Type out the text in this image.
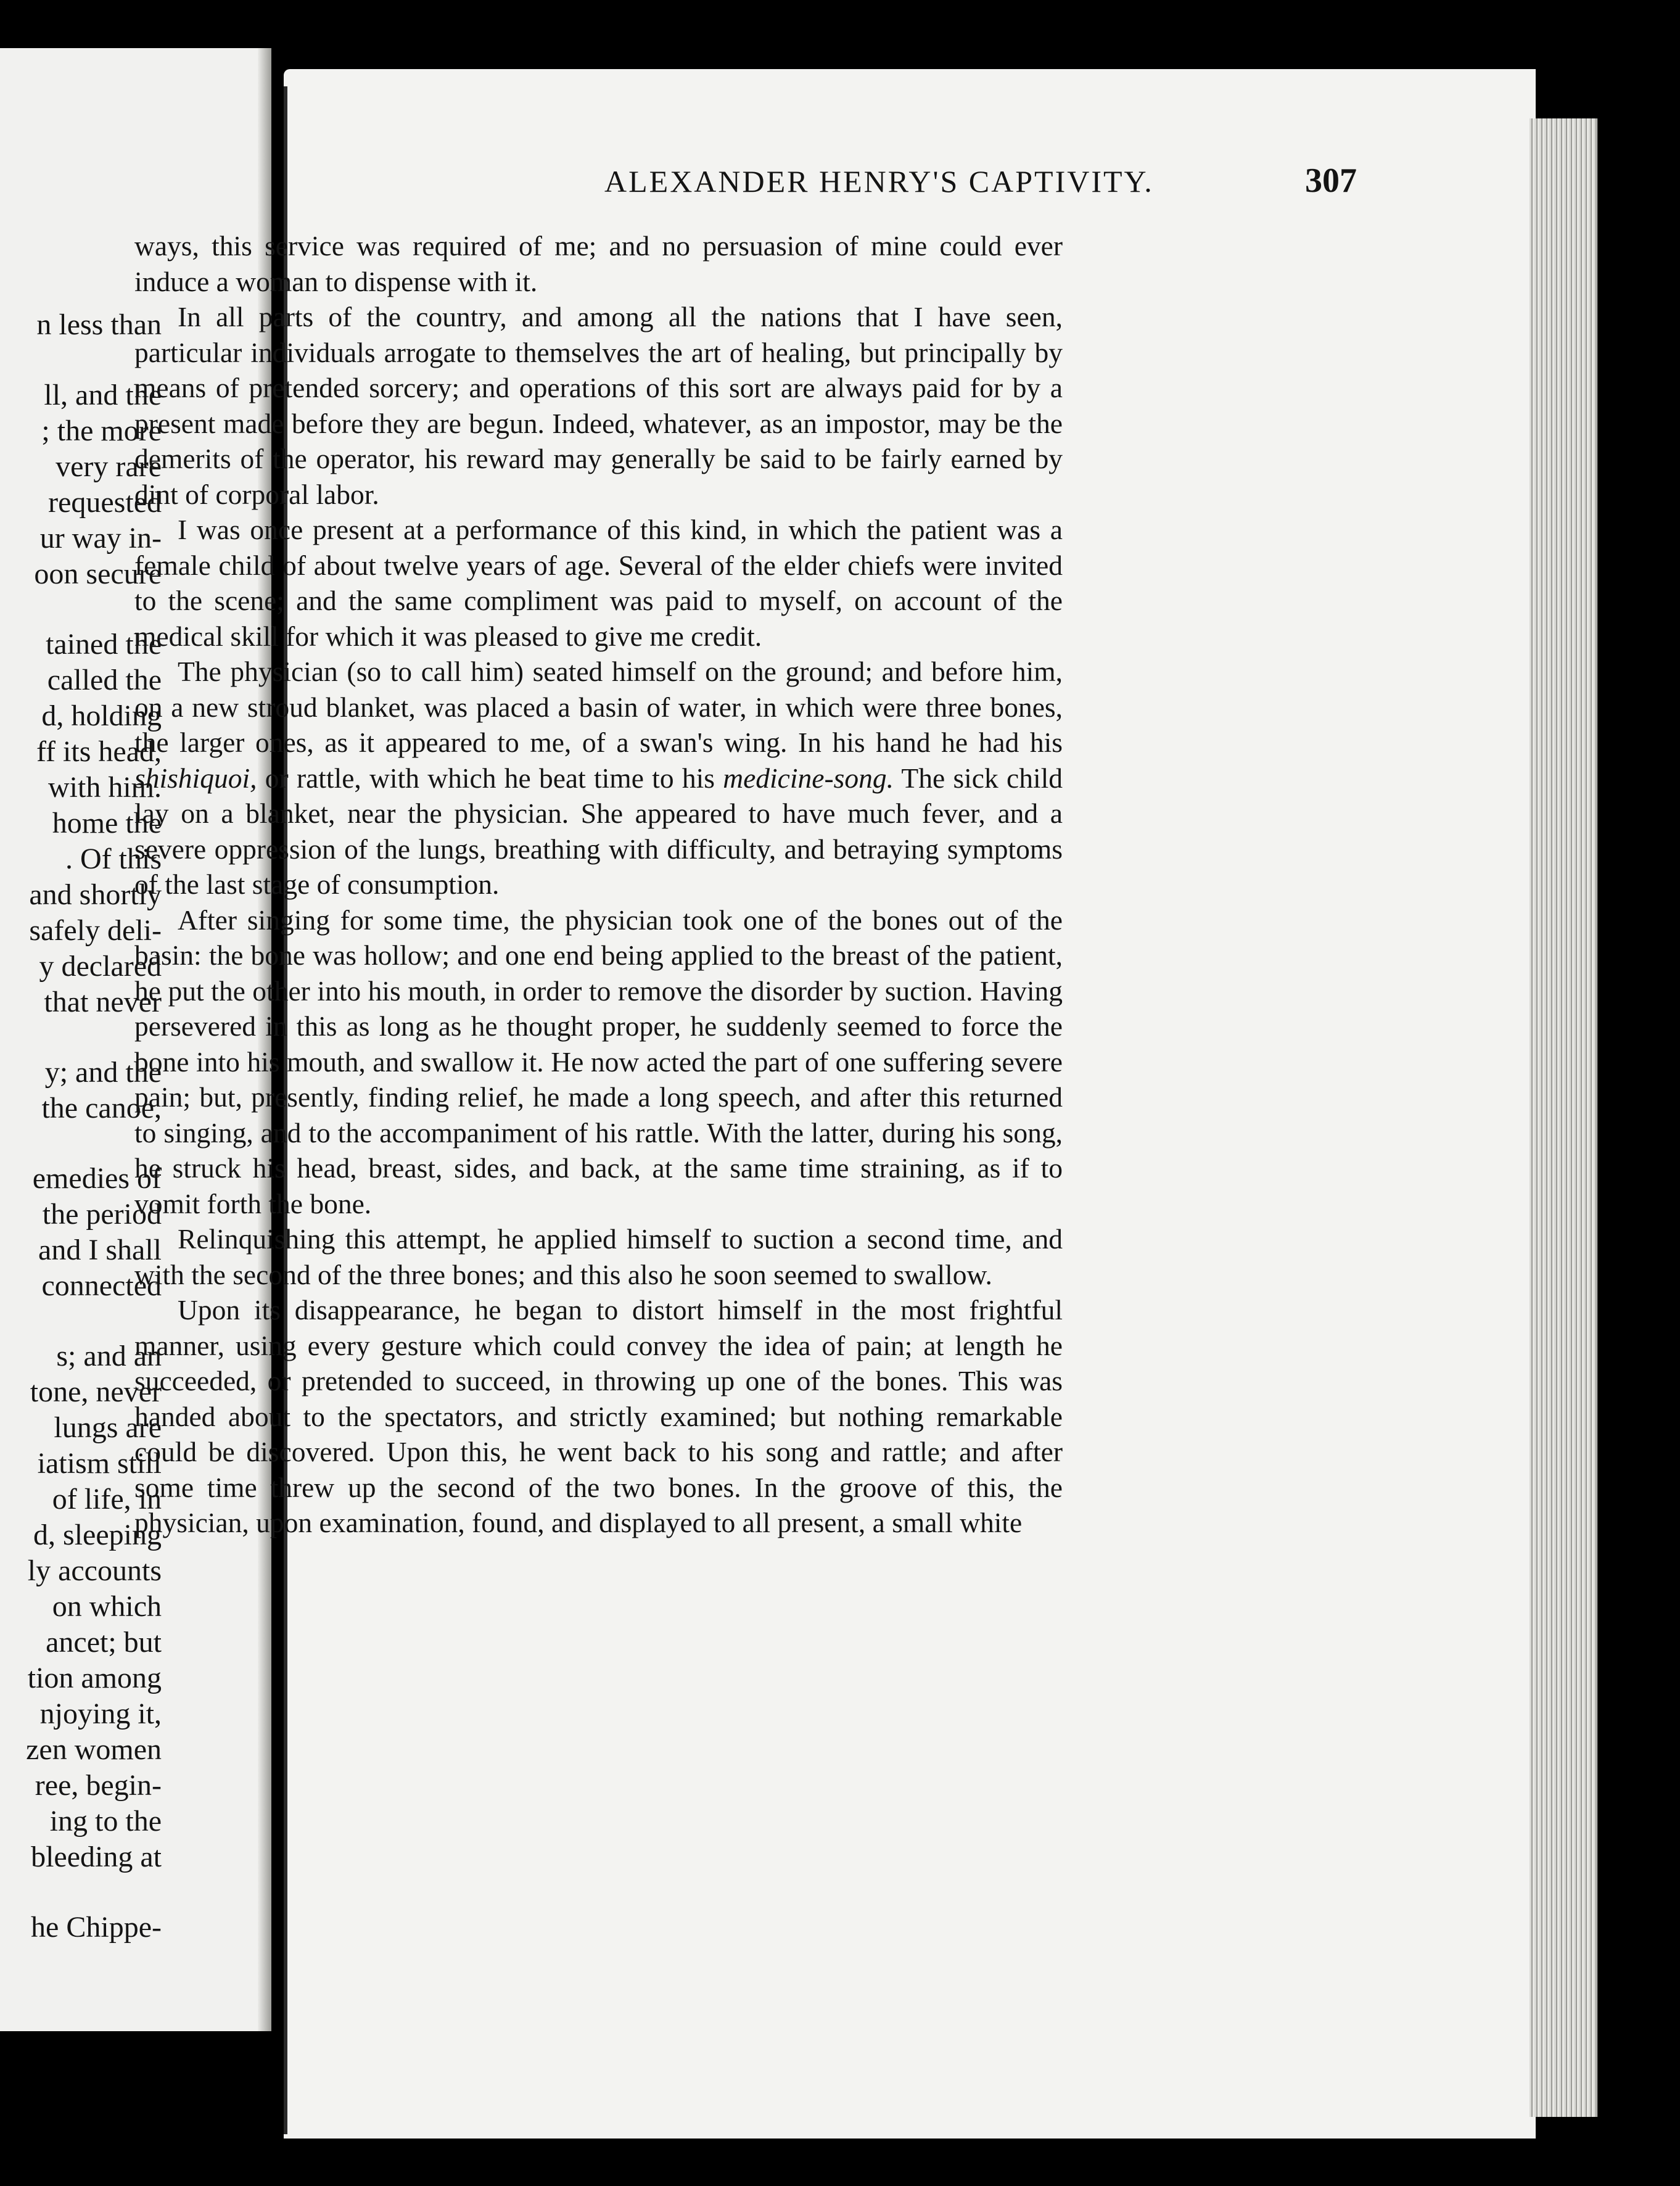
n less than
ll, and the
; the more
very rare
requested
ur way in-
oon secure
tained the
called the
d, holding
ff its head,
with him.
home the
. Of this
and shortly
safely deli-
y declared
that never
y; and the
the canoe,
emedies of
the period
and I shall
connected
s; and an
tone, never
lungs are
iatism still
of life, in
d, sleeping
ly accounts
on which
ancet; but
tion among
njoying it,
zen women
ree, begin-
ing to the
bleeding at
he Chippe-
ALEXANDER HENRY'S CAPTIVITY.	307

ways, this service was required of me; and no persuasion of mine could ever induce a woman to dispense with it.

In all parts of the country, and among all the nations that I have seen, particular individuals arrogate to themselves the art of healing, but principally by means of pretended sorcery; and operations of this sort are always paid for by a present made before they are begun. Indeed, whatever, as an impostor, may be the demerits of the operator, his reward may generally be said to be fairly earned by dint of corporal labor.

I was once present at a performance of this kind, in which the patient was a female child of about twelve years of age. Several of the elder chiefs were invited to the scene; and the same compliment was paid to myself, on account of the medical skill for which it was pleased to give me credit.

The physician (so to call him) seated himself on the ground; and before him, on a new stroud blanket, was placed a basin of water, in which were three bones, the larger ones, as it appeared to me, of a swan's wing. In his hand he had his shishiquoi, or rattle, with which he beat time to his medicine-song. The sick child lay on a blanket, near the physician. She appeared to have much fever, and a severe oppression of the lungs, breathing with difficulty, and betraying symptoms of the last stage of consumption.

After singing for some time, the physician took one of the bones out of the basin: the bone was hollow; and one end being applied to the breast of the patient, he put the other into his mouth, in order to remove the disorder by suction. Having persevered in this as long as he thought proper, he suddenly seemed to force the bone into his mouth, and swallow it. He now acted the part of one suffering severe pain; but, presently, finding relief, he made a long speech, and after this returned to singing, and to the accompaniment of his rattle. With the latter, during his song, he struck his head, breast, sides, and back, at the same time straining, as if to vomit forth the bone.

Relinquishing this attempt, he applied himself to suction a second time, and with the second of the three bones; and this also he soon seemed to swallow.

Upon its disappearance, he began to distort himself in the most frightful manner, using every gesture which could convey the idea of pain; at length he succeeded, or pretended to succeed, in throwing up one of the bones. This was handed about to the spectators, and strictly examined; but nothing remarkable could be discovered. Upon this, he went back to his song and rattle; and after some time threw up the second of the two bones. In the groove of this, the physician, upon examination, found, and displayed to all present, a small white
